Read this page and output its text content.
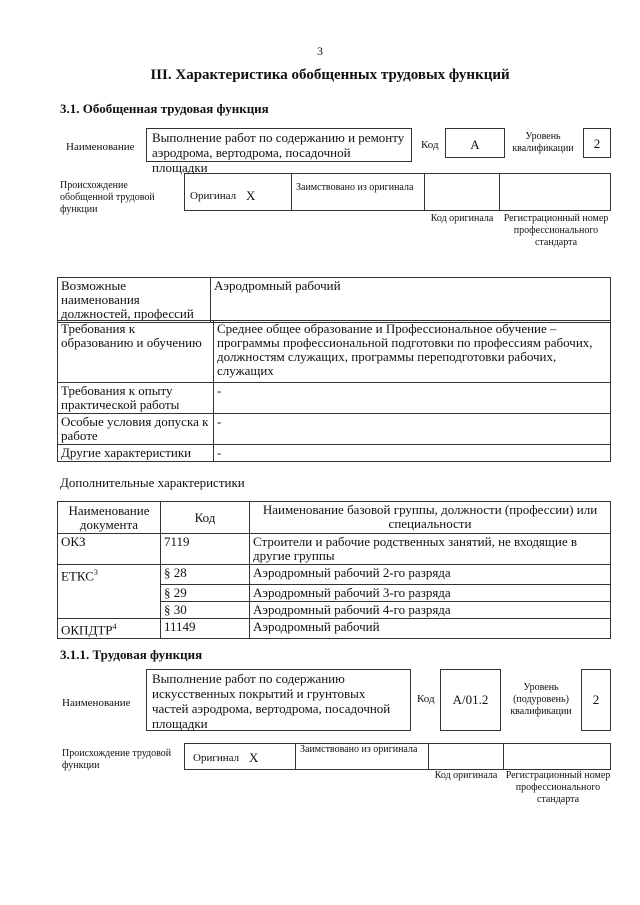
3
III. Характеристика обобщенных трудовых функций
3.1. Обобщенная трудовая функция
Наименование
Выполнение работ по содержанию и ремонту аэродрома, вертодрома, посадочной площадки
Код	А
Уровень квалификации	2
Происхождение обобщенной трудовой функции
Оригинал X
Заимствовано из оригинала
Код оригинала	Регистрационный номер профессионального стандарта
Возможные наименования должностей, профессий	Аэродромный рабочий
Требования к образованию и обучению	Среднее общее образование и Профессиональное обучение – программы профессиональной подготовки по профессиям рабочих, должностям служащих, программы переподготовки рабочих, служащих
Требования к опыту практической работы	-
Особые условия допуска к работе	-
Другие характеристики	-
Дополнительные характеристики
Наименование документа	Код	Наименование базовой группы, должности (профессии) или специальности
ОКЗ	7119	Строители и рабочие родственных занятий, не входящие в другие группы
ЕТКС$^3$	§ 28	Аэродромный рабочий 2-го разряда
	§ 29	Аэродромный рабочий 3-го разряда
	§ 30	Аэродромный рабочий 4-го разряда
ОКПДТР$^4$	11149	Аэродромный рабочий
3.1.1. Трудовая функция
Наименование
Выполнение работ по содержанию искусственных покрытий и грунтовых частей аэродрома, вертодрома, посадочной площадки
Код	А/01.2
Уровень (подуровень) квалификации
2
Происхождение трудовой функции
Оригинал X
Заимствовано из оригинала
Код оригинала Регистрационный номер профессионального стандарта
